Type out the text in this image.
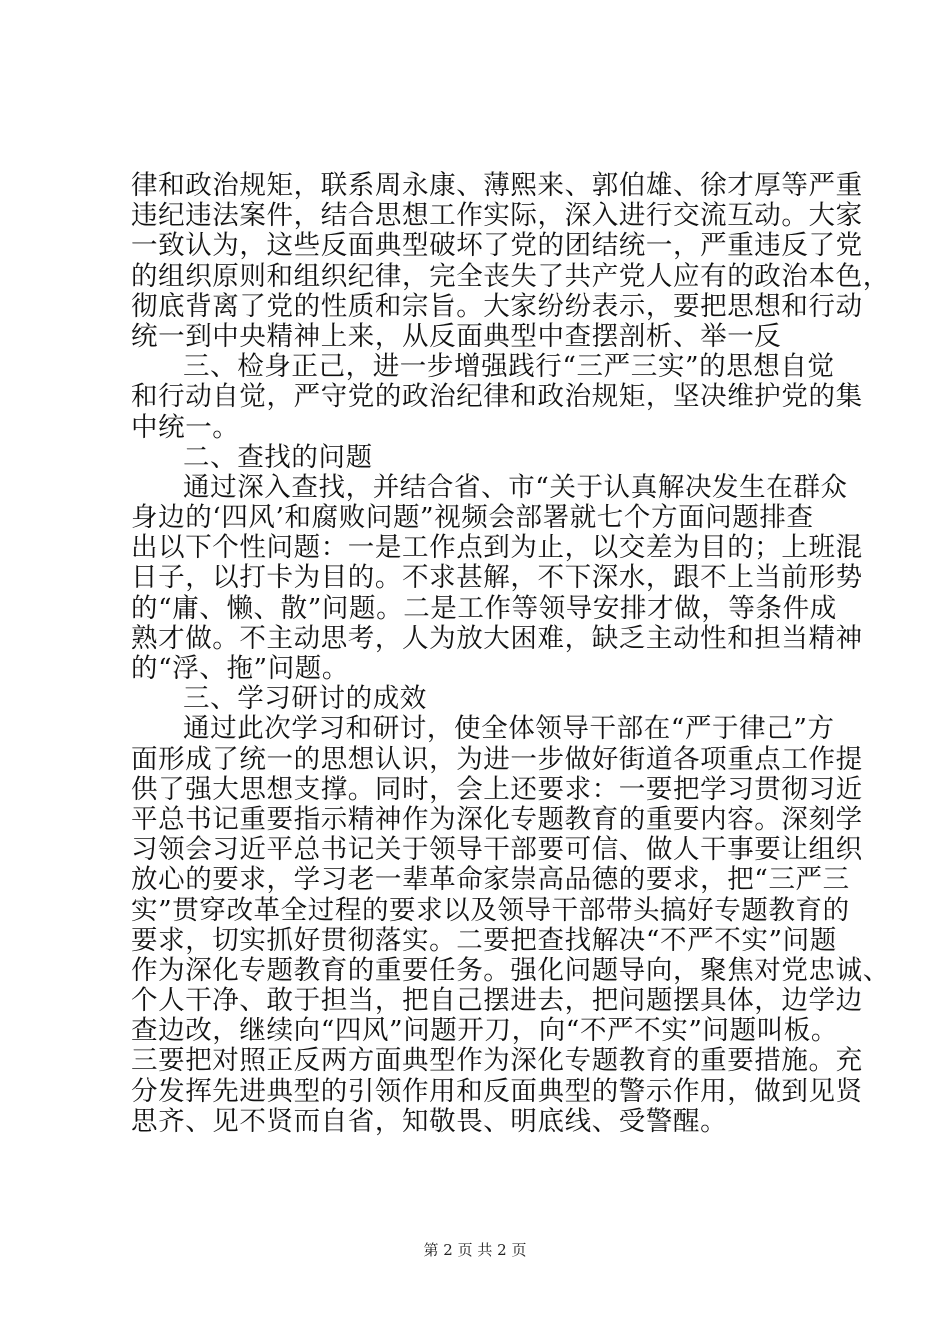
律和政治规矩，联系周永康、薄熙来、郭伯雄、徐才厚等严重
违纪违法案件，结合思想工作实际，深入进行交流互动。大家
一致认为，这些反面典型破坏了党的团结统一，严重违反了党
的组织原则和组织纪律，完全丧失了共产党人应有的政治本色，
彻底背离了党的性质和宗旨。大家纷纷表示，要把思想和行动
统一到中央精神上来，从反面典型中查摆剖析、举一反
三、检身正己，进一步增强践行“三严三实”的思想自觉
和行动自觉，严守党的政治纪律和政治规矩，坚决维护党的集
中统一。
二、查找的问题
通过深入查找，并结合省、市“关于认真解决发生在群众
身边的‘四风’和腐败问题”视频会部署就七个方面问题排查
出以下个性问题：一是工作点到为止，以交差为目的；上班混
日子，以打卡为目的。不求甚解，不下深水，跟不上当前形势
的“庸、懒、散”问题。二是工作等领导安排才做，等条件成
熟才做。不主动思考，人为放大困难，缺乏主动性和担当精神
的“浮、拖”问题。
三、学习研讨的成效
通过此次学习和研讨，使全体领导干部在“严于律己”方
面形成了统一的思想认识，为进一步做好街道各项重点工作提
供了强大思想支撑。同时，会上还要求：一要把学习贯彻习近
平总书记重要指示精神作为深化专题教育的重要内容。深刻学
习领会习近平总书记关于领导干部要可信、做人干事要让组织
放心的要求，学习老一辈革命家崇高品德的要求，把“三严三
实”贯穿改革全过程的要求以及领导干部带头搞好专题教育的
要求，切实抓好贯彻落实。二要把查找解决“不严不实”问题
作为深化专题教育的重要任务。强化问题导向，聚焦对党忠诚、
个人干净、敢于担当，把自己摆进去，把问题摆具体，边学边
查边改，继续向“四风”问题开刀，向“不严不实”问题叫板。
三要把对照正反两方面典型作为深化专题教育的重要措施。充
分发挥先进典型的引领作用和反面典型的警示作用，做到见贤
思齐、见不贤而自省，知敬畏、明底线、受警醒。
第 2 页 共 2 页
